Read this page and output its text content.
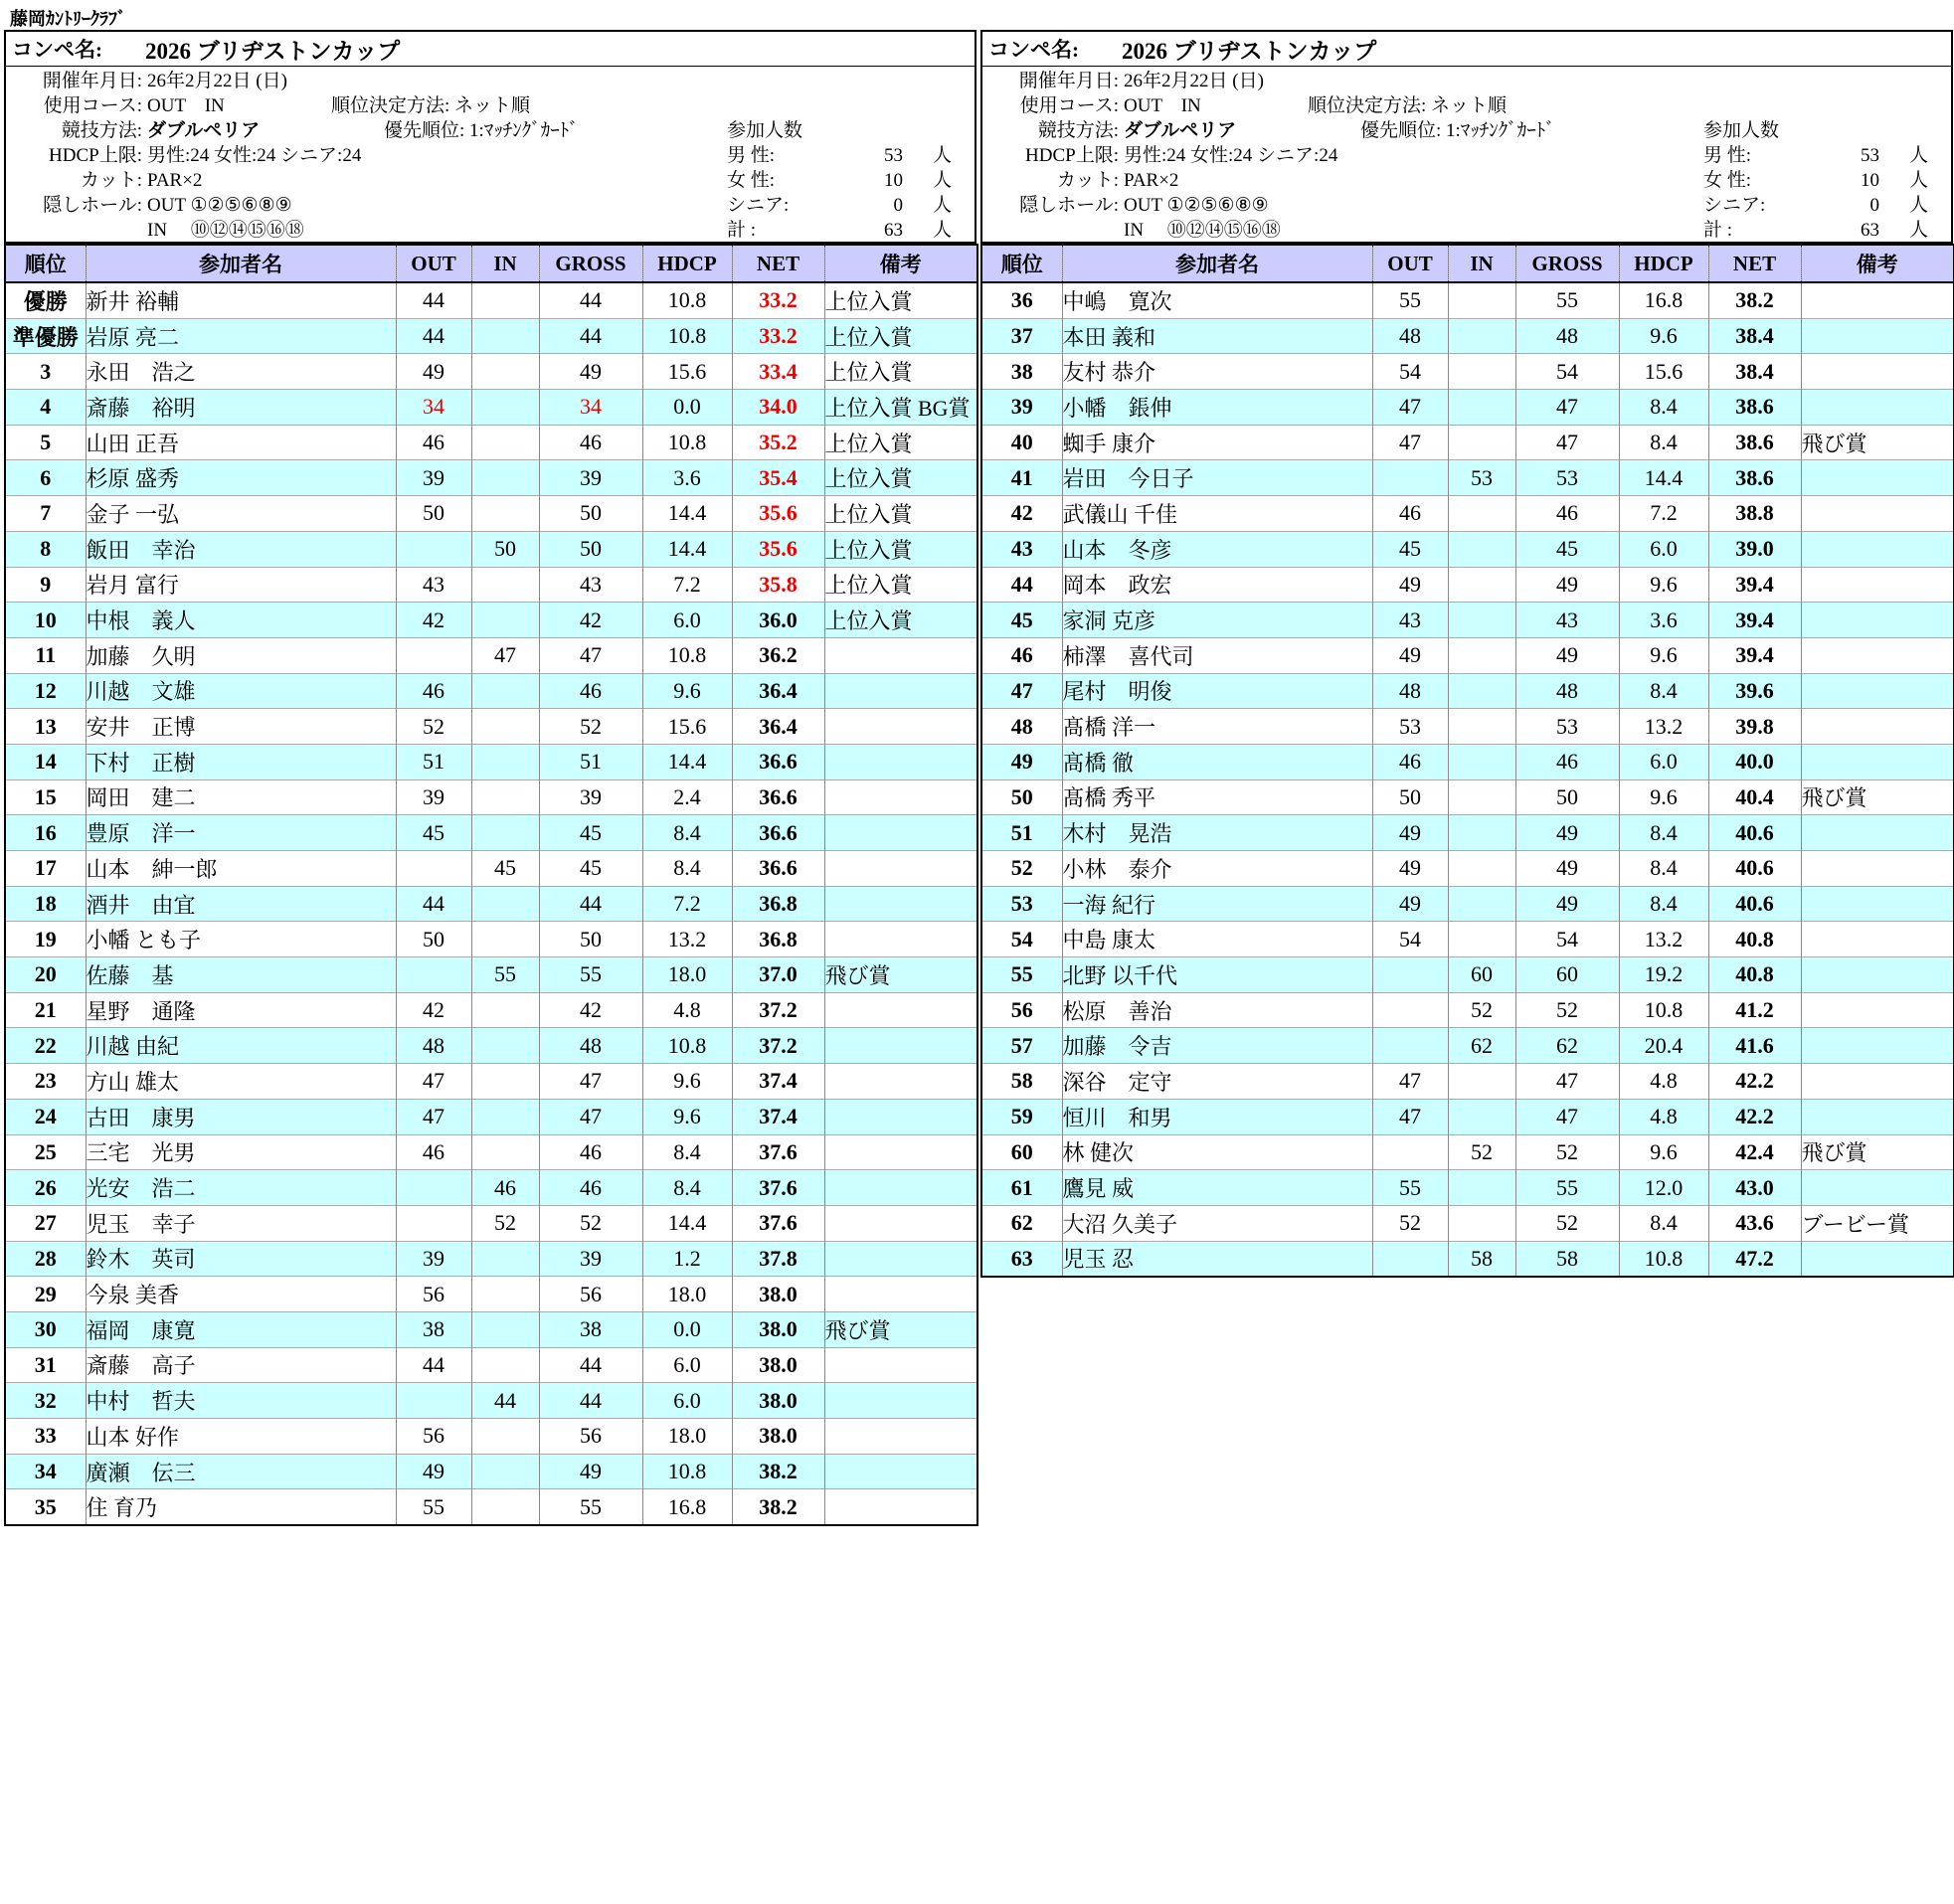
藤岡ｶﾝﾄﾘｰｸﾗﾌﾞ
コンペ名:	2026 ブリヂストンカップ
開催年月日: 26年2月22日 (日)
使用コース: OUT　IN	順位決定方法: ネット順
競技方法: ダブルペリア	優先順位: 1:ﾏｯﾁﾝｸﾞｶｰﾄﾞ
HDCP上限: 男性:24 女性:24 シニア:24
カット: PAR×2
隠しホール: OUT ①②⑤⑥⑧⑨
IN　 ⑩⑫⑭⑮⑯⑱
参加人数
男 性:	53 人
女 性:	10 人
シニア:	0 人
計 :	63 人
順位	参加者名	OUT	IN	GROSS	HDCP	NET	備考
優勝	新井 裕輔	44		44	10.8	33.2	上位入賞
準優勝	岩原 亮二	44		44	10.8	33.2	上位入賞
3	永田　浩之	49		49	15.6	33.4	上位入賞
4	斎藤　裕明	34		34	0.0	34.0	上位入賞 BG賞
5	山田 正吾	46		46	10.8	35.2	上位入賞
6	杉原 盛秀	39		39	3.6	35.4	上位入賞
7	金子 一弘	50		50	14.4	35.6	上位入賞
8	飯田　幸治		50	50	14.4	35.6	上位入賞
9	岩月 富行	43		43	7.2	35.8	上位入賞
10	中根　義人	42		42	6.0	36.0	上位入賞
11	加藤　久明		47	47	10.8	36.2	
12	川越　文雄	46		46	9.6	36.4	
13	安井　正博	52		52	15.6	36.4	
14	下村　正樹	51		51	14.4	36.6	
15	岡田　建二	39		39	2.4	36.6	
16	豊原　洋一	45		45	8.4	36.6	
17	山本　紳一郎		45	45	8.4	36.6	
18	酒井　由宜	44		44	7.2	36.8	
19	小幡 とも子	50		50	13.2	36.8	
20	佐藤　基		55	55	18.0	37.0	飛び賞
21	星野　通隆	42		42	4.8	37.2	
22	川越 由紀	48		48	10.8	37.2	
23	方山 雄太	47		47	9.6	37.4	
24	古田　康男	47		47	9.6	37.4	
25	三宅　光男	46		46	8.4	37.6	
26	光安　浩二		46	46	8.4	37.6	
27	児玉　幸子		52	52	14.4	37.6	
28	鈴木　英司	39		39	1.2	37.8	
29	今泉 美香	56		56	18.0	38.0	
30	福岡　康寛	38		38	0.0	38.0	飛び賞
31	斎藤　高子	44		44	6.0	38.0	
32	中村　哲夫		44	44	6.0	38.0	
33	山本 好作	56		56	18.0	38.0	
34	廣瀬　伝三	49		49	10.8	38.2	
35	住 育乃	55		55	16.8	38.2	
コンペ名:	2026 ブリヂストンカップ
開催年月日: 26年2月22日 (日)
使用コース: OUT　IN	順位決定方法: ネット順
競技方法: ダブルペリア	優先順位: 1:ﾏｯﾁﾝｸﾞｶｰﾄﾞ
HDCP上限: 男性:24 女性:24 シニア:24
カット: PAR×2
隠しホール: OUT ①②⑤⑥⑧⑨
IN　 ⑩⑫⑭⑮⑯⑱
参加人数
男 性:	53 人
女 性:	10 人
シニア:	0 人
計 :	63 人
順位	参加者名	OUT	IN	GROSS	HDCP	NET	備考
36	中嶋　寛次	55		55	16.8	38.2	
37	本田 義和	48		48	9.6	38.4	
38	友村 恭介	54		54	15.6	38.4	
39	小幡　鋹伸	47		47	8.4	38.6	
40	蜘手 康介	47		47	8.4	38.6	飛び賞
41	岩田　今日子		53	53	14.4	38.6	
42	武儀山 千佳	46		46	7.2	38.8	
43	山本　冬彦	45		45	6.0	39.0	
44	岡本　政宏	49		49	9.6	39.4	
45	家洞 克彦	43		43	3.6	39.4	
46	柿澤　喜代司	49		49	9.6	39.4	
47	尾村　明俊	48		48	8.4	39.6	
48	髙橋 洋一	53		53	13.2	39.8	
49	髙橋 徹	46		46	6.0	40.0	
50	髙橋 秀平	50		50	9.6	40.4	飛び賞
51	木村　晃浩	49		49	8.4	40.6	
52	小林　泰介	49		49	8.4	40.6	
53	一海 紀行	49		49	8.4	40.6	
54	中島 康太	54		54	13.2	40.8	
55	北野 以千代		60	60	19.2	40.8	
56	松原　善治		52	52	10.8	41.2	
57	加藤　令吉		62	62	20.4	41.6	
58	深谷　定守	47		47	4.8	42.2	
59	恒川　和男	47		47	4.8	42.2	
60	林 健次		52	52	9.6	42.4	飛び賞
61	鷹見 威	55		55	12.0	43.0	
62	大沼 久美子	52		52	8.4	43.6	ブービー賞
63	児玉 忍		58	58	10.8	47.2	
